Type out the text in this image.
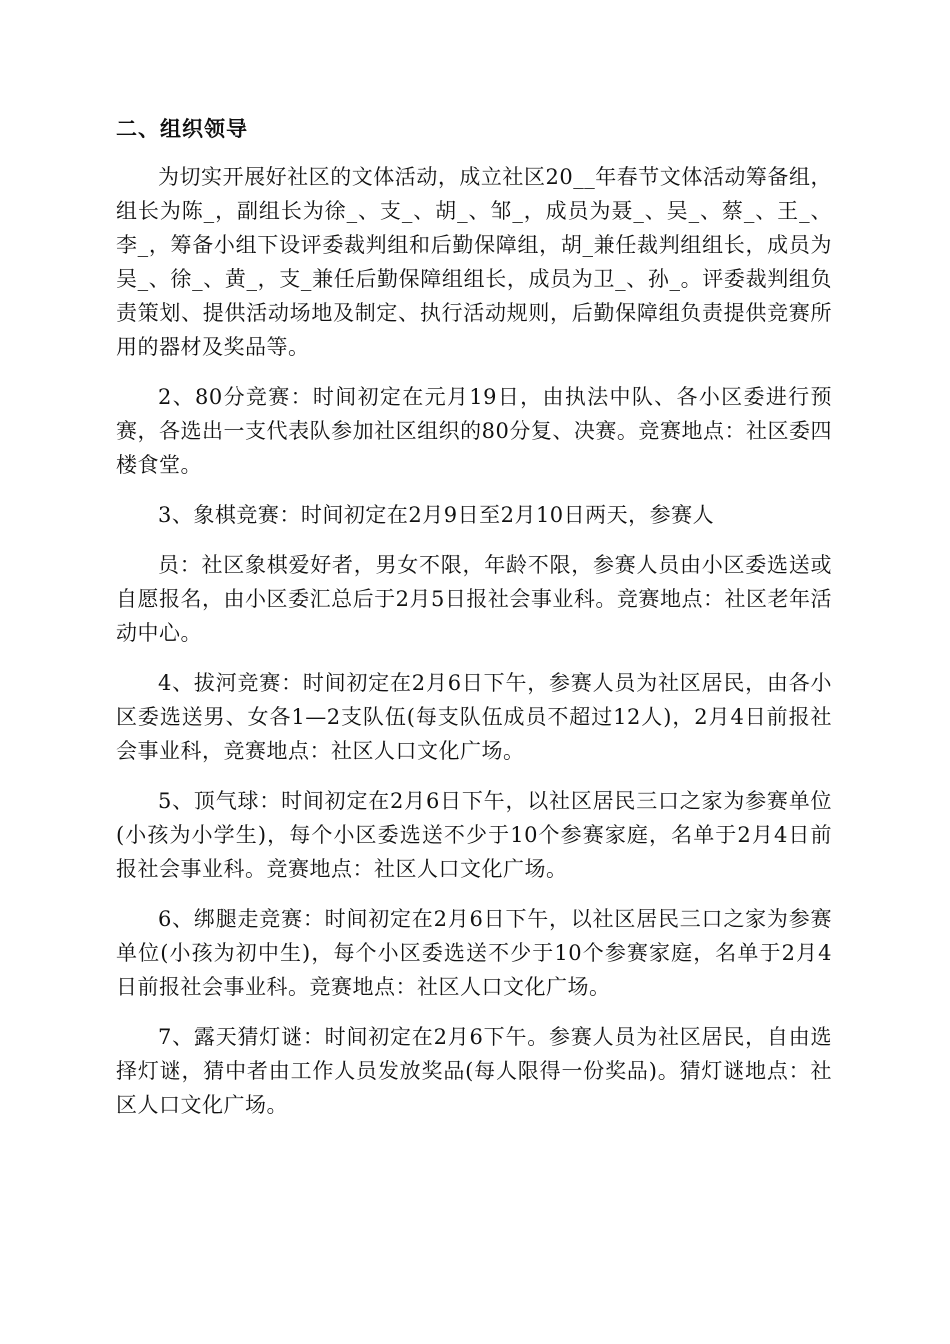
二、组织领导

为切实开展好社区的文体活动，成立社区20__年春节文体活动筹备组，组长为陈_，副组长为徐_、支_、胡_、邹_，成员为聂_、吴_、蔡_、王_、李_，筹备小组下设评委裁判组和后勤保障组，胡_兼任裁判组组长，成员为吴_、徐_、黄_，支_兼任后勤保障组组长，成员为卫_、孙_。评委裁判组负责策划、提供活动场地及制定、执行活动规则，后勤保障组负责提供竞赛所用的器材及奖品等。

2、80分竞赛：时间初定在元月19日，由执法中队、各小区委进行预赛，各选出一支代表队参加社区组织的80分复、决赛。竞赛地点：社区委四楼食堂。

3、象棋竞赛：时间初定在2月9日至2月10日两天，参赛人

员：社区象棋爱好者，男女不限，年龄不限，参赛人员由小区委选送或自愿报名，由小区委汇总后于2月5日报社会事业科。竞赛地点：社区老年活动中心。

4、拔河竞赛：时间初定在2月6日下午，参赛人员为社区居民，由各小区委选送男、女各1—2支队伍(每支队伍成员不超过12人)，2月4日前报社会事业科，竞赛地点：社区人口文化广场。

5、顶气球：时间初定在2月6日下午，以社区居民三口之家为参赛单位(小孩为小学生)，每个小区委选送不少于10个参赛家庭，名单于2月4日前报社会事业科。竞赛地点：社区人口文化广场。

6、绑腿走竞赛：时间初定在2月6日下午，以社区居民三口之家为参赛单位(小孩为初中生)，每个小区委选送不少于10个参赛家庭，名单于2月4日前报社会事业科。竞赛地点：社区人口文化广场。

7、露天猜灯谜：时间初定在2月6下午。参赛人员为社区居民，自由选择灯谜，猜中者由工作人员发放奖品(每人限得一份奖品)。猜灯谜地点：社区人口文化广场。
